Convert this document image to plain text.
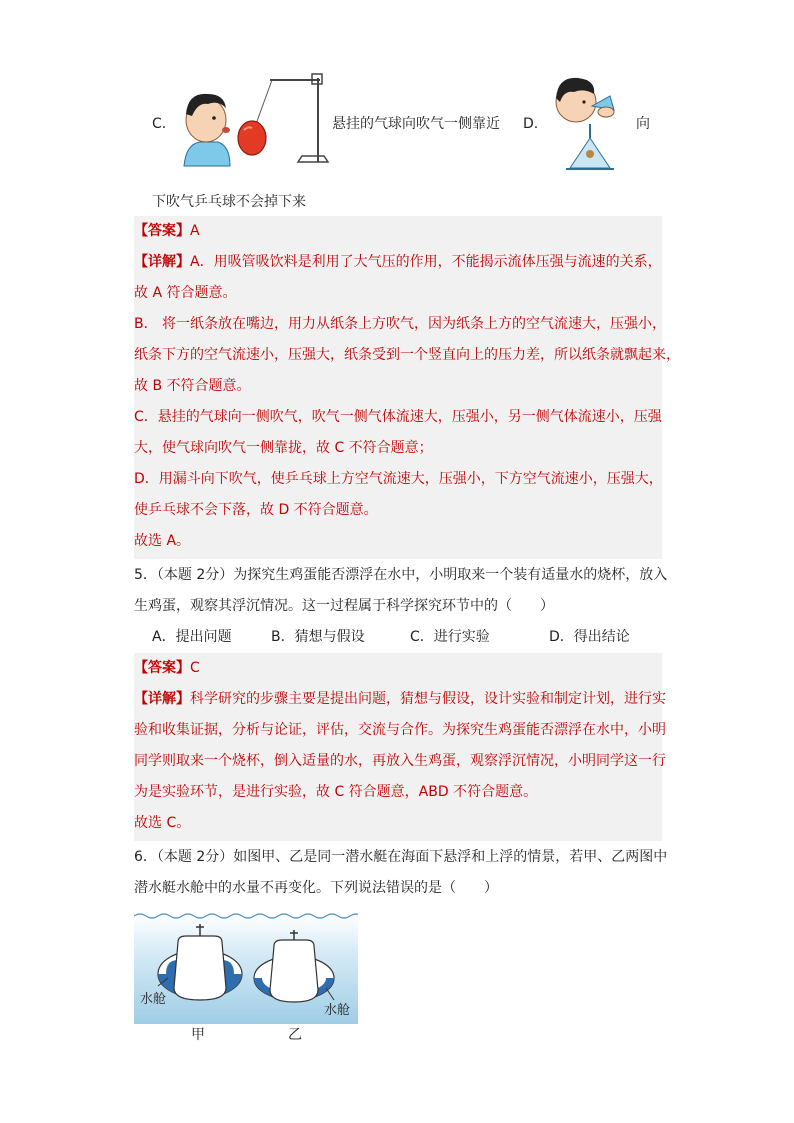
C.	悬挂的气球向吹气一侧靠近 D.	向
下吹气乒乓球不会掉下来
【答案】A
【详解】A．用吸管吸饮料是利用了大气压的作用，不能揭示流体压强与流速的关系，
故 A 符合题意。
B． 将一纸条放在嘴边，用力从纸条上方吹气，因为纸条上方的空气流速大，压强小，
纸条下方的空气流速小，压强大，纸条受到一个竖直向上的压力差，所以纸条就飘起来，
故 B 不符合题意。
C．悬挂的气球向一侧吹气，吹气一侧气体流速大，压强小，另一侧气体流速小，压强
大，使气球向吹气一侧靠拢，故 C 不符合题意；
D．用漏斗向下吹气，使乒乓球上方空气流速大，压强小，下方空气流速小，压强大，
使乒乓球不会下落，故 D 不符合题意。
故选 A。
5．（本题 2分）为探究生鸡蛋能否漂浮在水中，小明取来一个装有适量水的烧杯，放入
生鸡蛋，观察其浮沉情况。这一过程属于科学探究环节中的（　　）
A．提出问题	B．猜想与假设	C．进行实验	D．得出结论
【答案】C
【详解】科学研究的步骤主要是提出问题，猜想与假设，设计实验和制定计划，进行实
验和收集证据，分析与论证，评估，交流与合作。为探究生鸡蛋能否漂浮在水中，小明
同学则取来一个烧杯，倒入适量的水，再放入生鸡蛋，观察浮沉情况，小明同学这一行
为是实验环节，是进行实验，故 C 符合题意，ABD 不符合题意。
故选 C。
6．（本题 2分）如图甲、乙是同一潜水艇在海面下悬浮和上浮的情景，若甲、乙两图中
潜水艇水舱中的水量不再变化。下列说法错误的是（　　）
水舱
水舱
甲	乙
